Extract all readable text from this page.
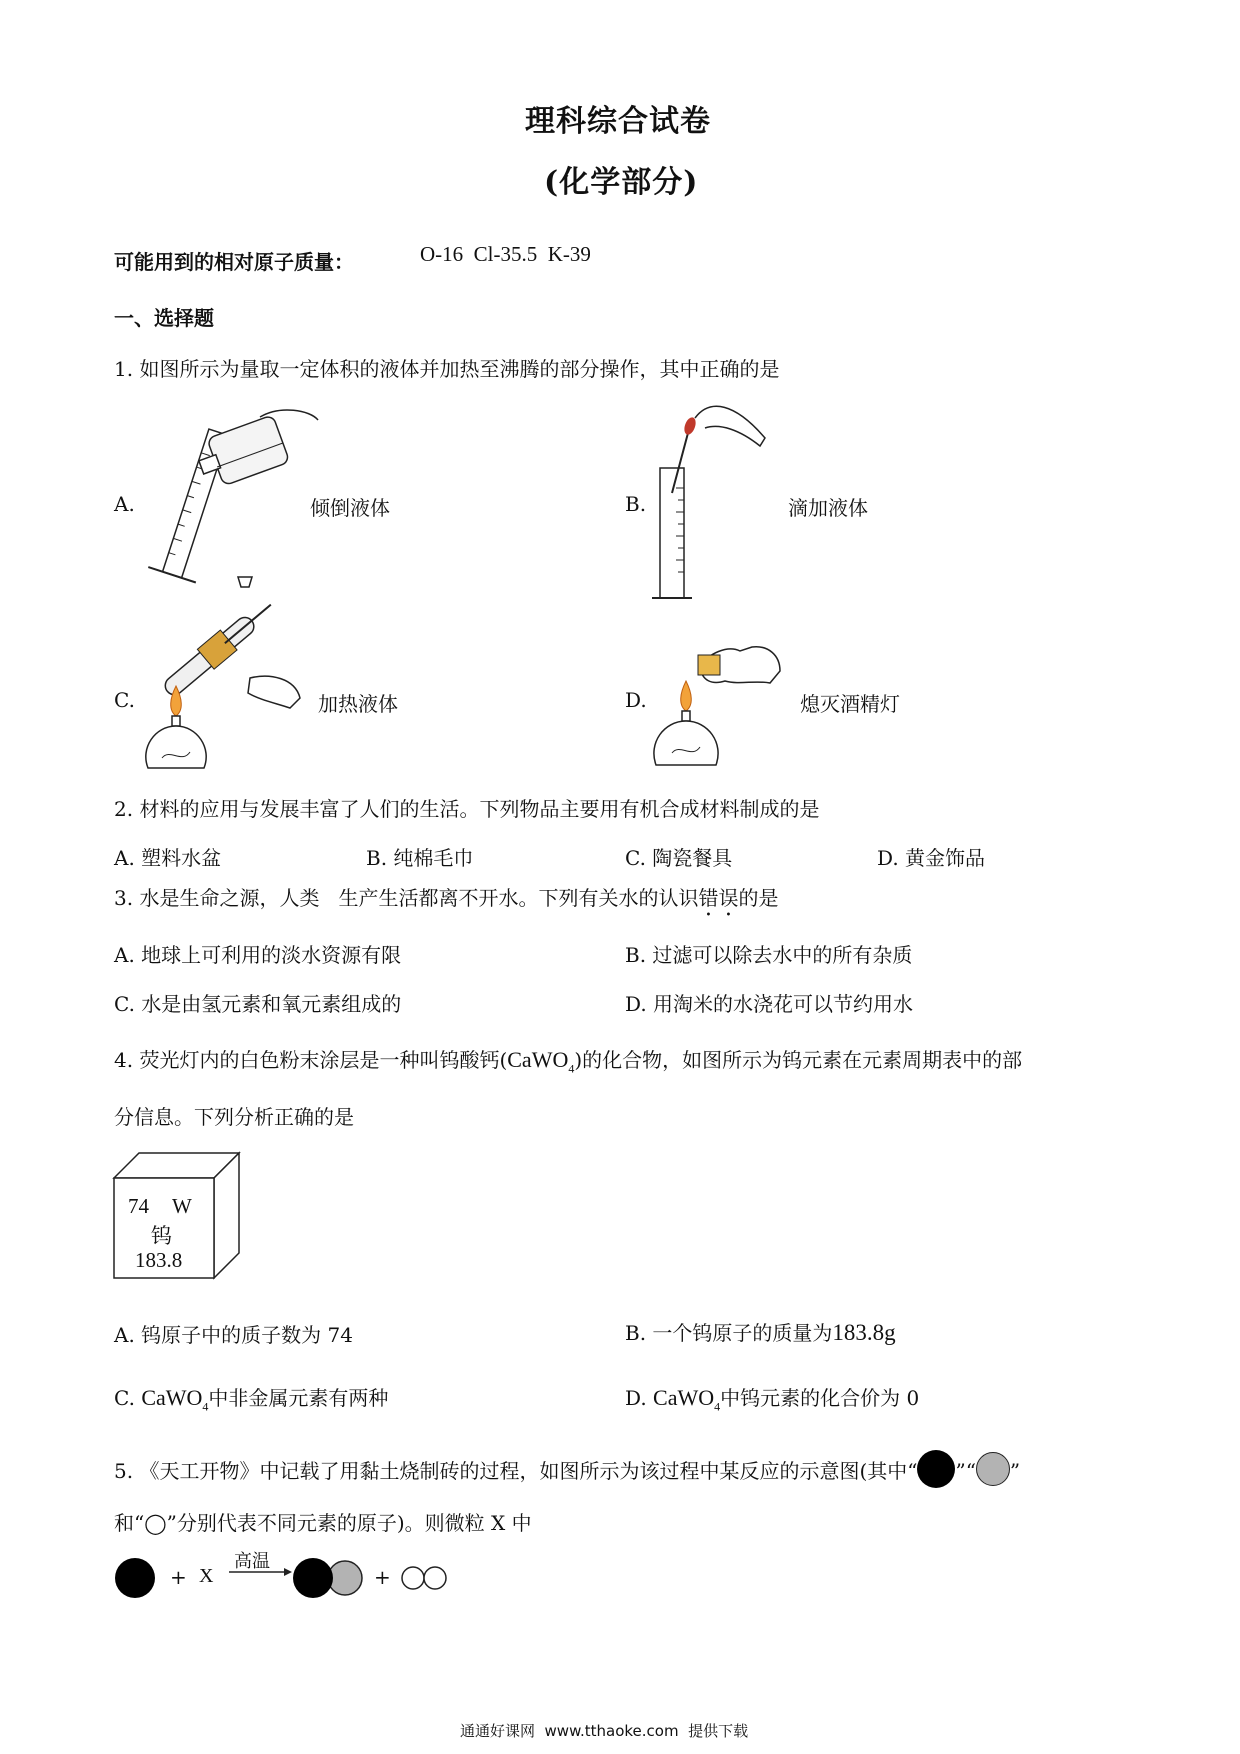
理科综合试卷
(化学部分)
可能用到的相对原子质量：	O-16  Cl-35.5  K-39
一、选择题
1. 如图所示为量取一定体积的液体并加热至沸腾的部分操作，其中正确的是
A.	倾倒液体	B.	滴加液体
C.	加热液体	D.	熄灭酒精灯
2. 材料的应用与发展丰富了人们的生活。下列物品主要用有机合成材料制成的是
A. 塑料水盆	B. 纯棉毛巾	C. 陶瓷餐具	D. 黄金饰品
3. 水是生命之源，人类   生产生活都离不开水。下列有关水的认识错误的是
A. 地球上可利用的淡水资源有限	B. 过滤可以除去水中的所有杂质
C. 水是由氢元素和氧元素组成的	D. 用淘米的水浇花可以节约用水
4. 荧光灯内的白色粉末涂层是一种叫钨酸钙(CaWO$_4$)的化合物，如图所示为钨元素在元素周期表中的部
分信息。下列分析正确的是
74 W
钨
183.8
A. 钨原子中的质子数为 74	B. 一个钨原子的质量为183.8g
C. CaWO$_4$中非金属元素有两种	D. CaWO$_4$中钨元素的化合价为 0
5. 《天工开物》中记载了用黏土烧制砖的过程，如图所示为该过程中某反应的示意图(其中“ ”“ ”
和“◯”分别代表不同元素的原子)。则微粒 X 中
+ X
高温
+
通通好课网  www.tthaoke.com  提供下载
